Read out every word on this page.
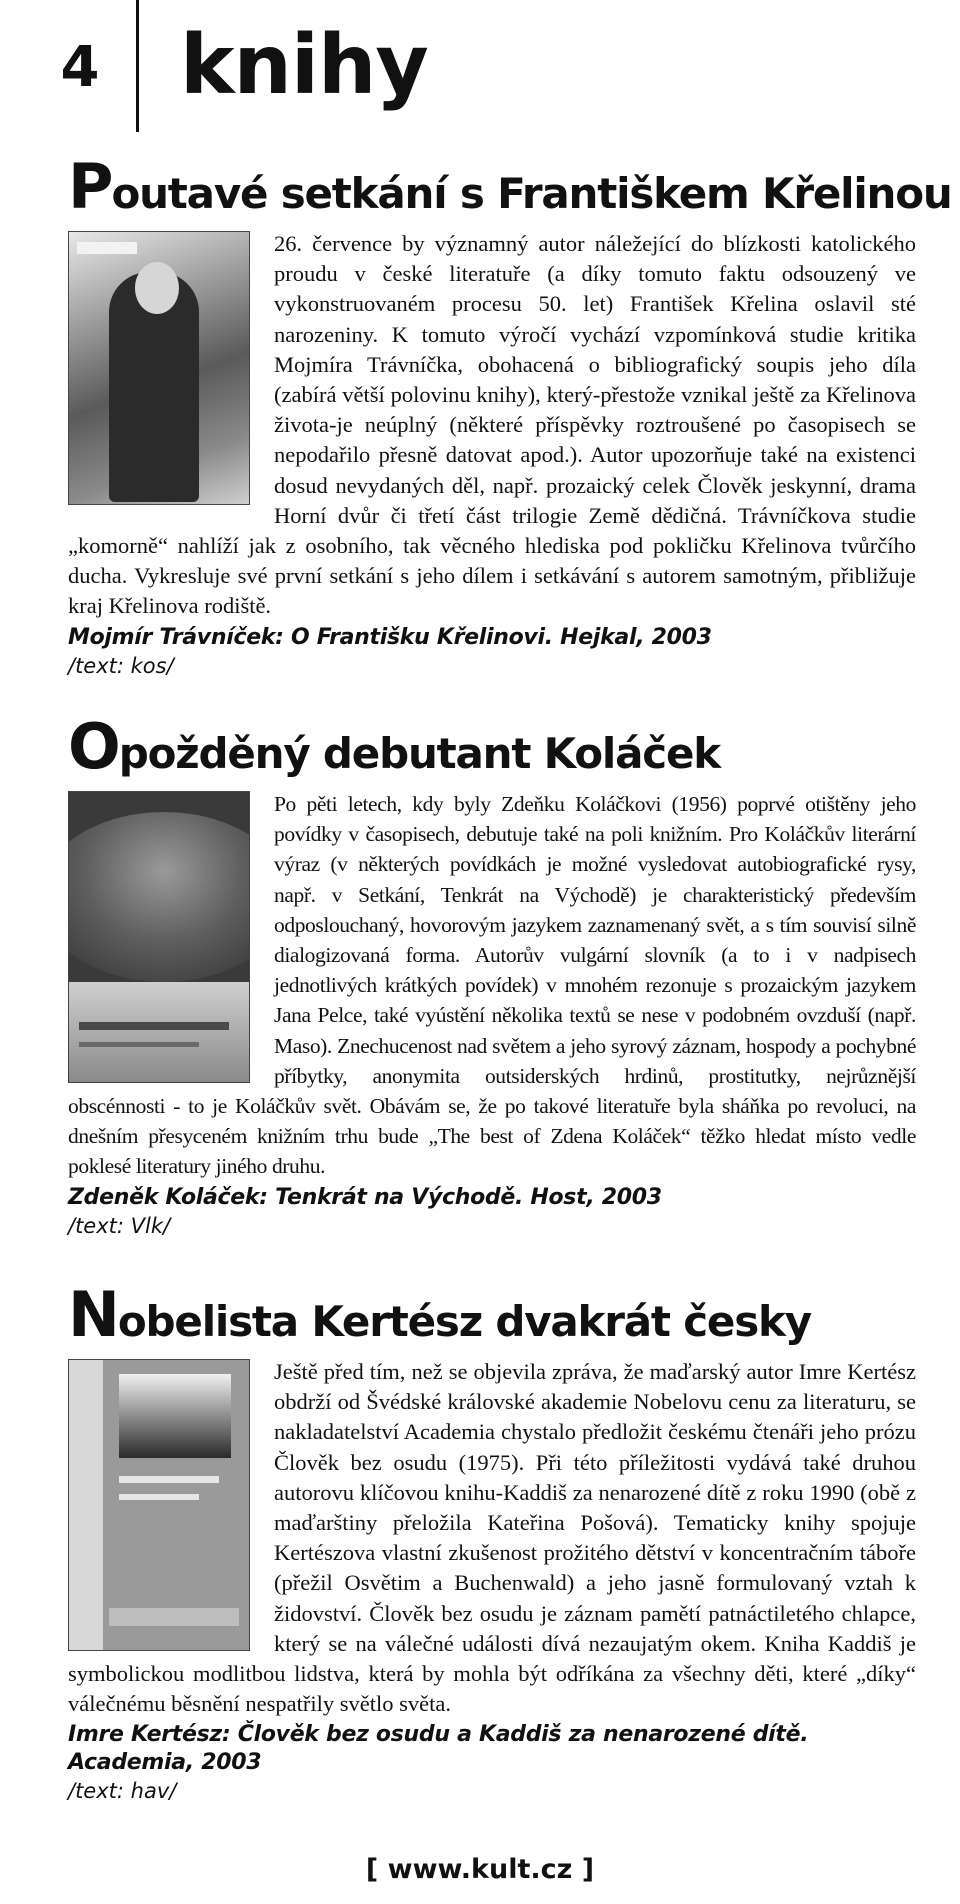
4 knihy
Poutavé setkání s Františkem Křelinou

26. července by významný autor náležející do blízkosti katolického proudu v české literatuře (a díky tomuto faktu odsouzený ve vykonstruovaném procesu 50. let) František Křelina oslavil sté narozeniny. K tomuto výročí vychází vzpomínková studie kritika Mojmíra Trávníčka, obohacená o bibliografický soupis jeho díla (zabírá větší polovinu knihy), který-přestože vznikal ještě za Křelinova života-je neúplný (některé příspěvky roztroušené po časopisech se nepodařilo přesně datovat apod.). Autor upozorňuje také na existenci dosud nevydaných děl, např. prozaický celek Člověk jeskynní, drama Horní dvůr či třetí část trilogie Země dědičná. Trávníčkova studie „komorně“ nahlíží jak z osobního, tak věcného hlediska pod pokličku Křelinova tvůrčího ducha. Vykresluje své první setkání s jeho dílem i setkávání s autorem samotným, přibližuje kraj Křelinova rodiště.

Mojmír Trávníček: O Františku Křelinovi. Hejkal, 2003

/text: kos/

Opožděný debutant Koláček

Po pěti letech, kdy byly Zdeňku Koláčkovi (1956) poprvé otištěny jeho povídky v časopisech, debutuje také na poli knižním. Pro Koláčkův literární výraz (v některých povídkách je možné vysledovat autobiografické rysy, např. v Setkání, Tenkrát na Východě) je charakteristický především odposlouchaný, hovorovým jazykem zaznamenaný svět, a s tím souvisí silně dialogizovaná forma. Autorův vulgární slovník (a to i v nadpisech jednotlivých krátkých povídek) v mnohém rezonuje s prozaickým jazykem Jana Pelce, také vyústění několika textů se nese v podobném ovzduší (např. Maso). Znechucenost nad světem a jeho syrový záznam, hospody a pochybné příbytky, anonymita outsiderských hrdinů, prostitutky, nejrůznější obscénnosti - to je Koláčkův svět. Obávám se, že po takové literatuře byla sháňka po revoluci, na dnešním přesyceném knižním trhu bude „The best of Zdena Koláček“ těžko hledat místo vedle poklesé literatury jiného druhu.

Zdeněk Koláček: Tenkrát na Východě. Host, 2003

/text: Vlk/

Nobelista Kertész dvakrát česky

Ještě před tím, než se objevila zpráva, že maďarský autor Imre Kertész obdrží od Švédské královské akademie Nobelovu cenu za literaturu, se nakladatelství Academia chystalo předložit českému čtenáři jeho prózu Člověk bez osudu (1975). Při této příležitosti vydává také druhou autorovu klíčovou knihu-Kaddiš za nenarozené dítě z roku 1990 (obě z maďarštiny přeložila Kateřina Pošová). Tematicky knihy spojuje Kertészova vlastní zkušenost prožitého dětství v koncentračním táboře (přežil Osvětim a Buchenwald) a jeho jasně formulovaný vztah k židovství. Člověk bez osudu je záznam pamětí patnáctiletého chlapce, který se na válečné události dívá nezaujatým okem. Kniha Kaddiš je symbolickou modlitbou lidstva, která by mohla být odříkána za všechny děti, které „díky“ válečnému běsnění nespatřily světlo světa.

Imre Kertész: Člověk bez osudu a Kaddiš za nenarozené dítě. Academia, 2003

/text: hav/

[ www.kult.cz ]
